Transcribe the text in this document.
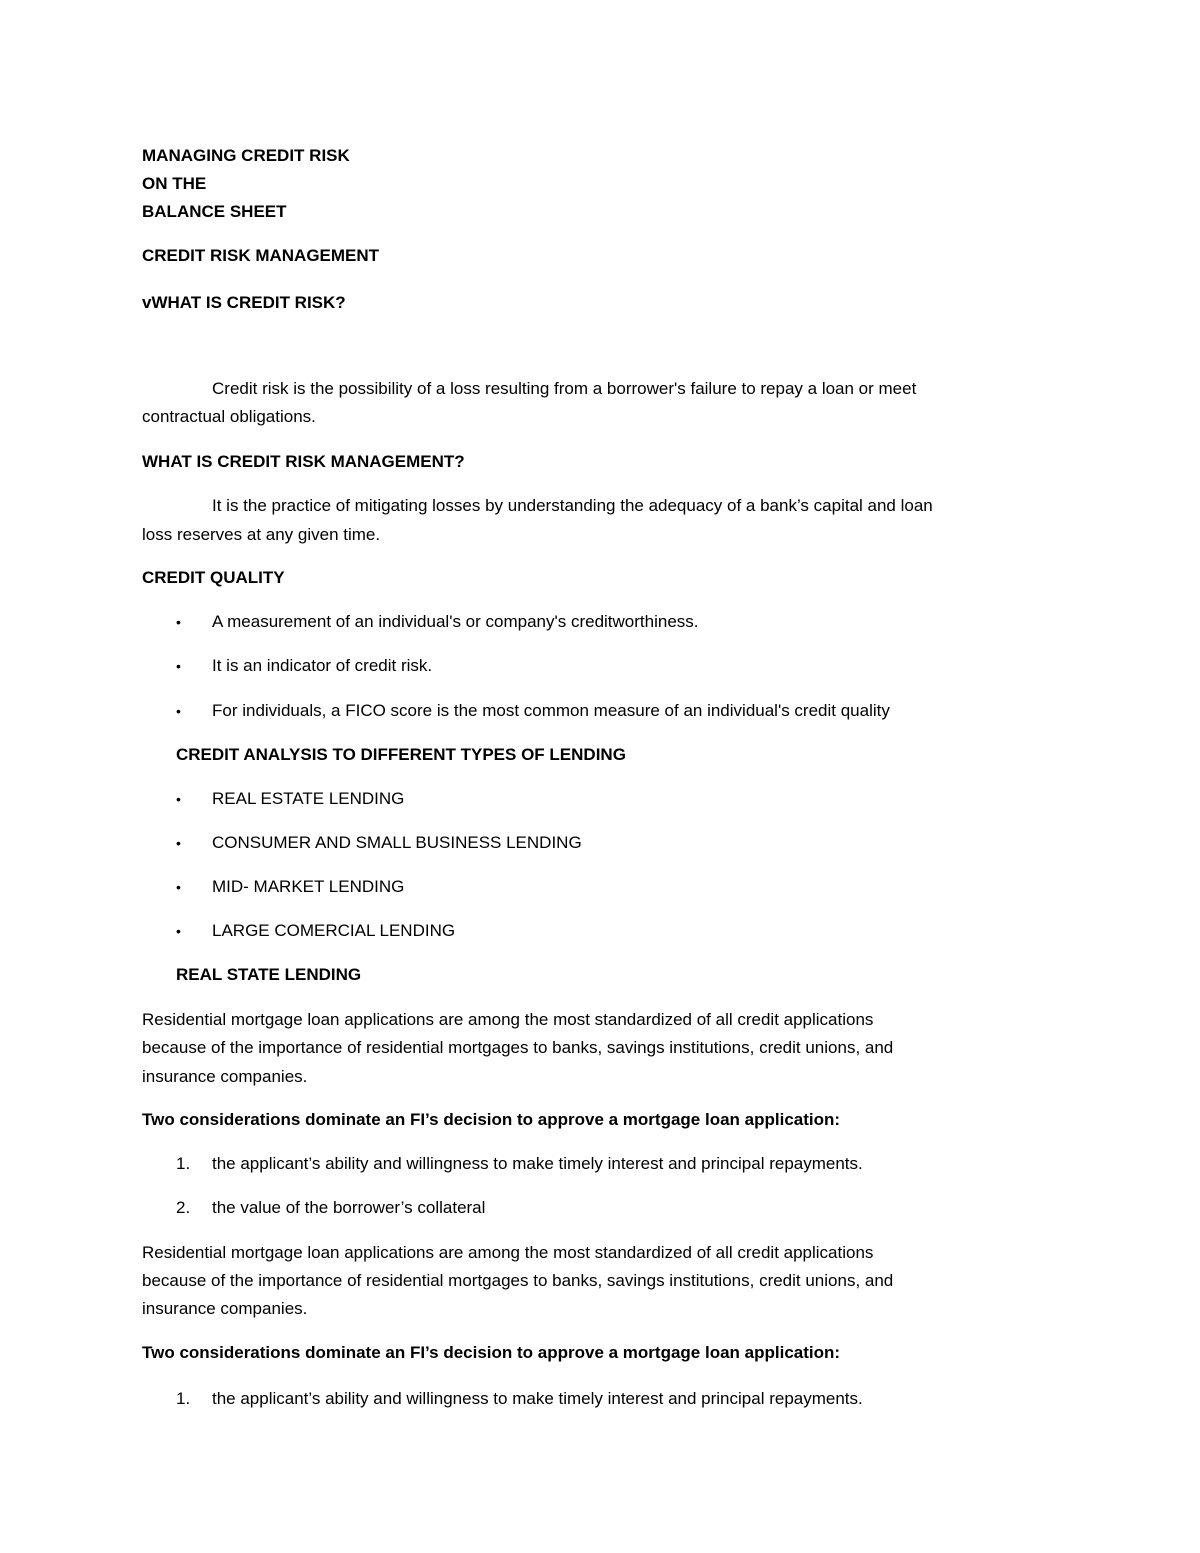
MANAGING CREDIT RISK
ON THE
BALANCE SHEET
CREDIT RISK MANAGEMENT
vWHAT IS CREDIT RISK?
Credit risk is the possibility of a loss resulting from a borrower's failure to repay a loan or meet
contractual obligations.
WHAT IS CREDIT RISK MANAGEMENT?
It is the practice of mitigating losses by understanding the adequacy of a bank’s capital and loan
loss reserves at any given time.
CREDIT QUALITY
• A measurement of an individual's or company's creditworthiness.
• It is an indicator of credit risk.
• For individuals, a FICO score is the most common measure of an individual's credit quality
CREDIT ANALYSIS TO DIFFERENT TYPES OF LENDING
• REAL ESTATE LENDING
• CONSUMER AND SMALL BUSINESS LENDING
• MID- MARKET LENDING
• LARGE COMERCIAL LENDING
REAL STATE LENDING
Residential mortgage loan applications are among the most standardized of all credit applications
because of the importance of residential mortgages to banks, savings institutions, credit unions, and
insurance companies.
Two considerations dominate an FI’s decision to approve a mortgage loan application:
1. the applicant’s ability and willingness to make timely interest and principal repayments.
2. the value of the borrower’s collateral
Residential mortgage loan applications are among the most standardized of all credit applications
because of the importance of residential mortgages to banks, savings institutions, credit unions, and
insurance companies.
Two considerations dominate an FI’s decision to approve a mortgage loan application:
1. the applicant’s ability and willingness to make timely interest and principal repayments.
